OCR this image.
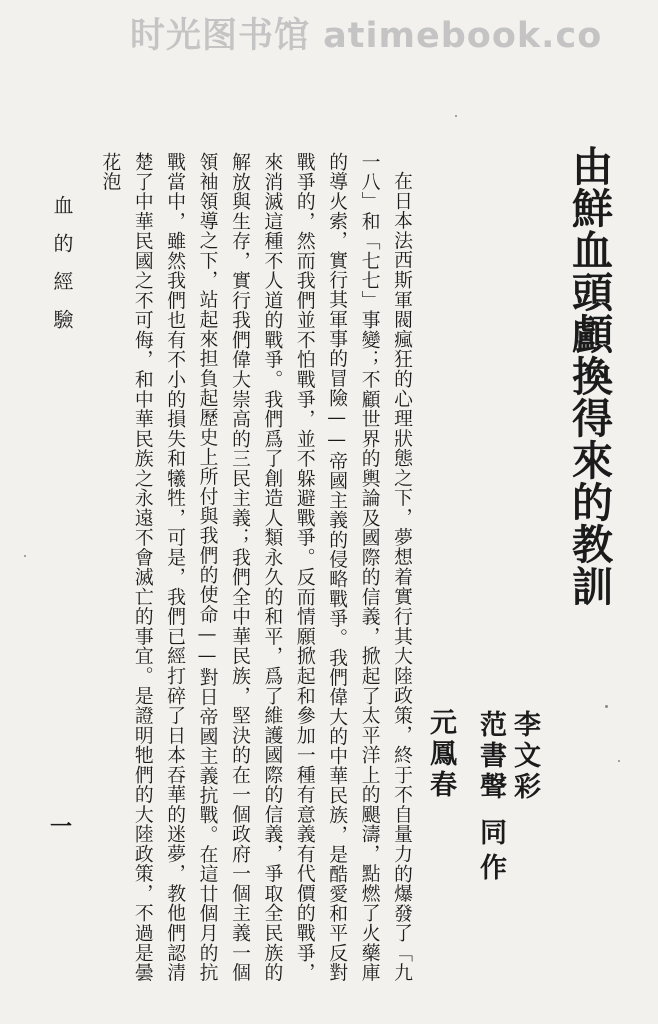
时光图书馆 atimebook.co
由鮮血頭顱換得來的教訓
李文彩
范書聲
元鳳春
同作

在日本法西斯軍閥瘋狂的心理狀態之下，夢想着實行其大陸政策，終于不自量力的爆發了「九一八」和「七七」事變；不顧世界的輿論及國際的信義，掀起了太平洋上的颶濤，點燃了火藥庫的導火索，實行其軍事的冒險——帝國主義的侵略戰爭。我們偉大的中華民族，是酷愛和平反對戰爭的，然而我們並不怕戰爭，並不躲避戰爭。反而情願掀起和參加一種有意義有代價的戰爭，來消滅這種不人道的戰爭。我們爲了創造人類永久的和平，爲了維護國際的信義，爭取全民族的解放與生存，實行我們偉大崇高的三民主義；我們全中華民族，堅決的在一個政府一個主義一個領袖領導之下，站起來担負起歷史上所付與我們的使命——對日帝國主義抗戰。在這廿個月的抗戰當中，雖然我們也有不小的損失和犧牲，可是，我們已經打碎了日本吞華的迷夢，教他們認清楚了中華民國之不可侮，和中華民族之永遠不會滅亡的事宜。是證明牠們的大陸政策，不過是曇花泡

血的經驗
一
